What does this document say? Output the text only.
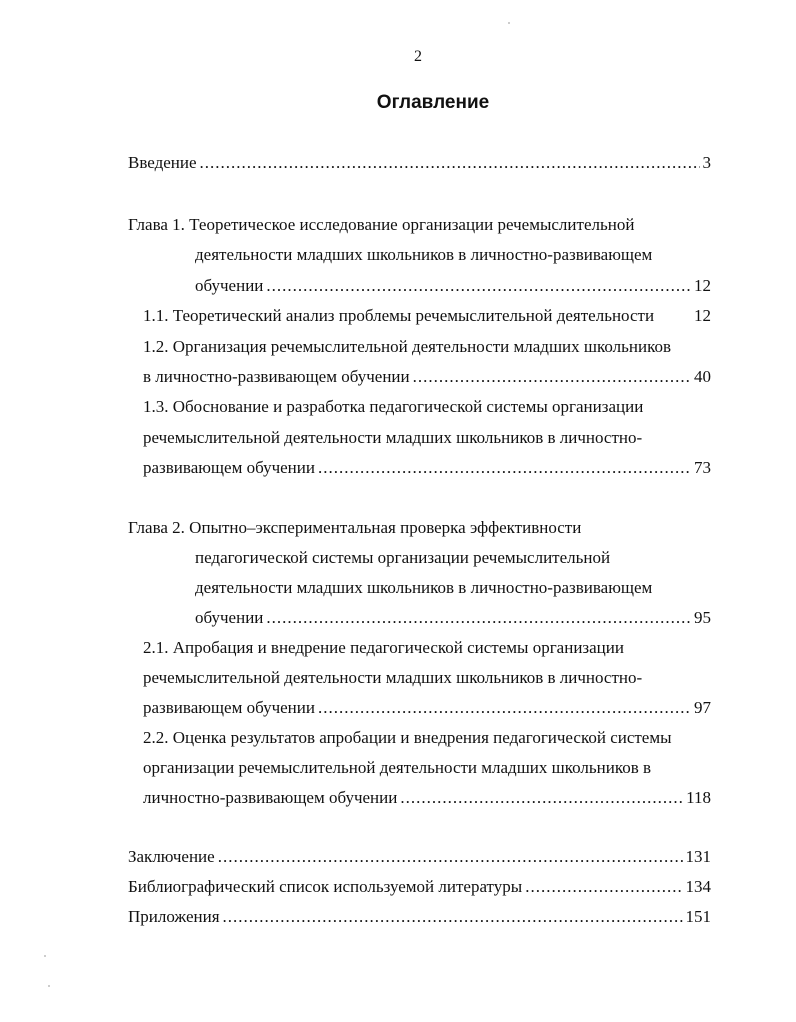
2
Оглавление
Введение .....	3
Глава 1. Теоретическое исследование организации речемыслительной
деятельности младших школьников в личностно-развивающем
обучении .....	12
1.1. Теоретический анализ проблемы речемыслительной деятельности 12
1.2. Организация речемыслительной деятельности младших школьников
в личностно-развивающем обучении .....	40
1.3. Обоснование и разработка педагогической системы организации
речемыслительной деятельности младших школьников в личностно-
развивающем обучении .....	73
Глава 2. Опытно–экспериментальная проверка эффективности
педагогической системы организации речемыслительной
деятельности младших школьников в личностно-развивающем
обучении .....	95
2.1. Апробация и внедрение педагогической системы организации
речемыслительной деятельности младших школьников в личностно-
развивающем обучении .....	97
2.2. Оценка результатов апробации и внедрения педагогической системы
организации речемыслительной деятельности младших школьников в
личностно-развивающем обучении .....	118
Заключение .....	131
Библиографический список используемой литературы .....	134
Приложения .....	151
